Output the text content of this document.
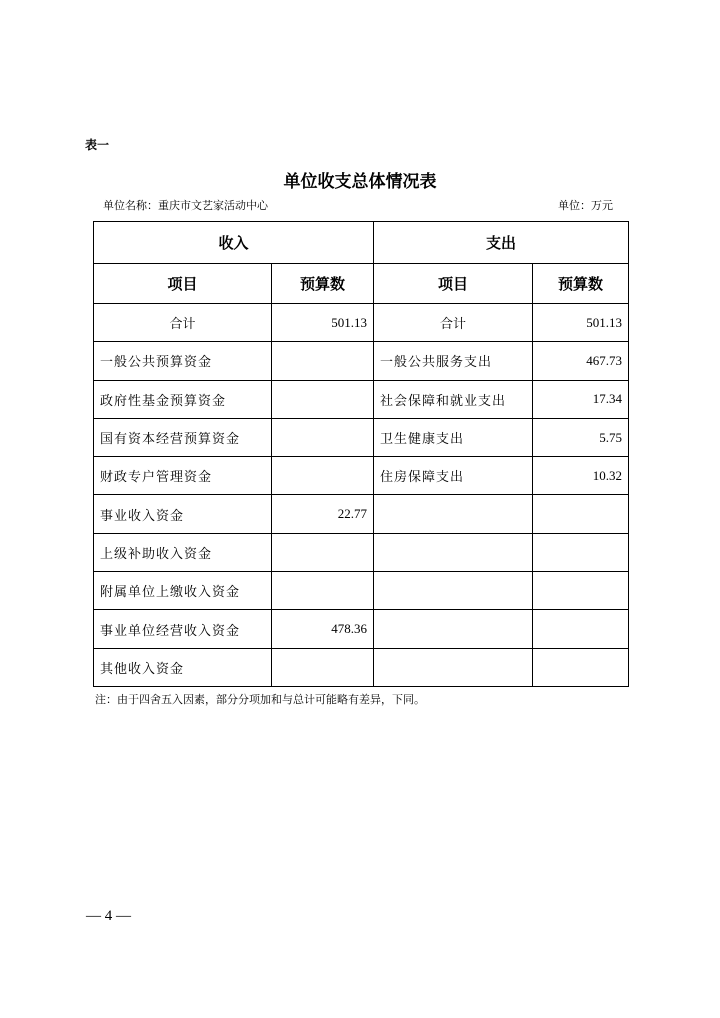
表一
单位收支总体情况表
单位名称：重庆市文艺家活动中心	单位：万元
收入		支出	
项目	预算数	项目	预算数
合计	501.13	合计	501.13
一般公共预算资金		一般公共服务支出	467.73
政府性基金预算资金		社会保障和就业支出	17.34
国有资本经营预算资金		卫生健康支出	5.75
财政专户管理资金		住房保障支出	10.32
事业收入资金	22.77		
上级补助收入资金			
附属单位上缴收入资金			
事业单位经营收入资金	478.36		
其他收入资金			
注：由于四舍五入因素，部分分项加和与总计可能略有差异，下同。
— 4 —
